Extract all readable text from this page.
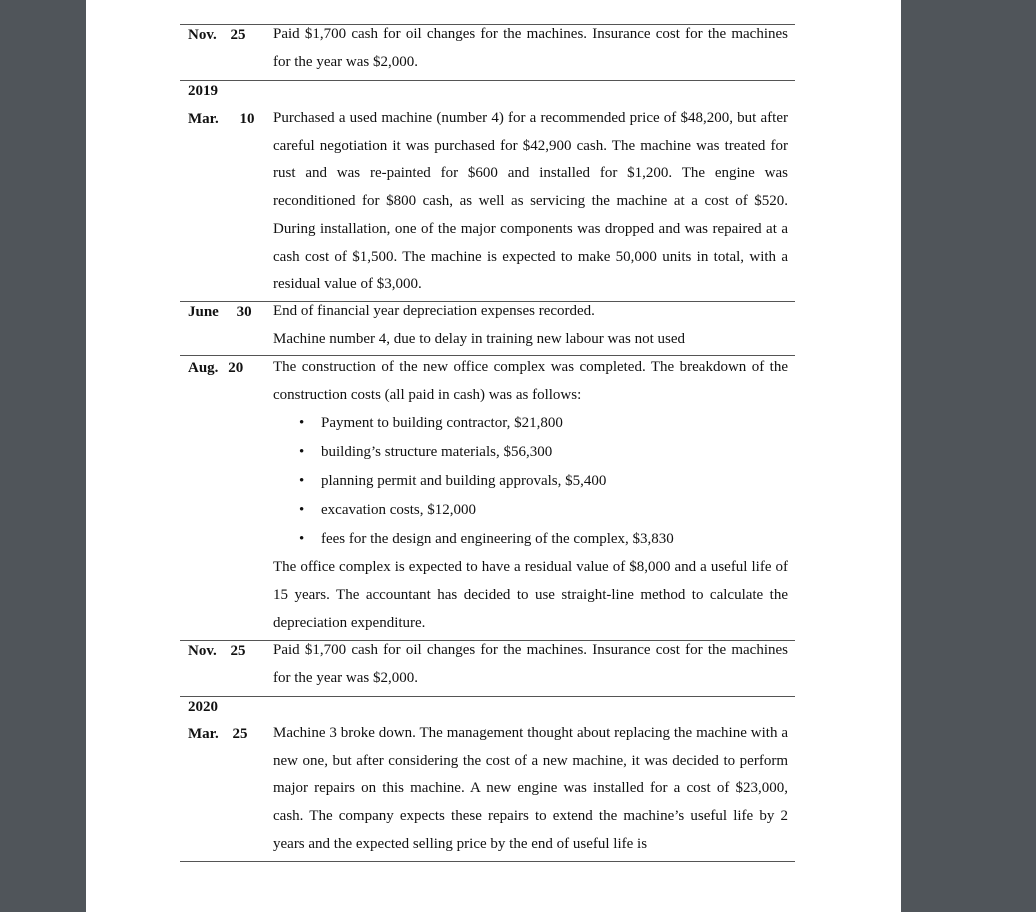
Nov. 25 Paid $1,700 cash for oil changes for the machines. Insurance cost for the machines for the year was $2,000.

2019
Mar. 10 Purchased a used machine (number 4) for a recommended price of $48,200, but after careful negotiation it was purchased for $42,900 cash. The machine was treated for rust and was re-painted for $600 and installed for $1,200. The engine was reconditioned for $800 cash, as well as servicing the machine at a cost of $520. During installation, one of the major components was dropped and was repaired at a cash cost of $1,500. The machine is expected to make 50,000 units in total, with a residual value of $3,000.

June 30 End of financial year depreciation expenses recorded.

Machine number 4, due to delay in training new labour was not used

Aug. 20 The construction of the new office complex was completed. The breakdown of the construction costs (all paid in cash) was as follows:

• Payment to building contractor, $21,800
• building’s structure materials, $56,300
• planning permit and building approvals, $5,400
• excavation costs, $12,000
• fees for the design and engineering of the complex, $3,830

The office complex is expected to have a residual value of $8,000 and a useful life of 15 years. The accountant has decided to use straight-line method to calculate the depreciation expenditure.

Nov. 25 Paid $1,700 cash for oil changes for the machines. Insurance cost for the machines for the year was $2,000.

2020
Mar. 25 Machine 3 broke down. The management thought about replacing the machine with a new one, but after considering the cost of a new machine, it was decided to perform major repairs on this machine. A new engine was installed for a cost of $23,000, cash. The company expects these repairs to extend the machine’s useful life by 2 years and the expected selling price by the end of useful life is
